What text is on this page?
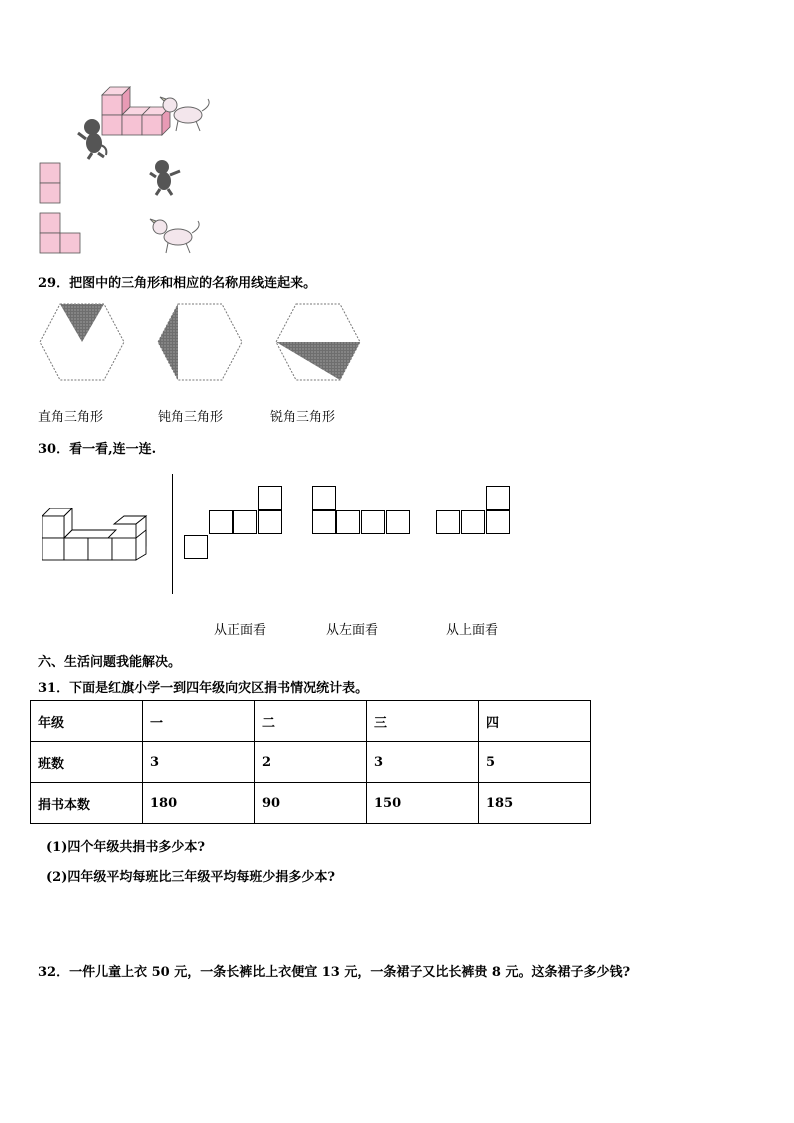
29．把图中的三角形和相应的名称用线连起来。
直角三角形	钝角三角形	锐角三角形
30．看一看,连一连.
从正面看	从左面看	从上面看
六、生活问题我能解决。
31．下面是红旗小学一到四年级向灾区捐书情况统计表。
年级	一	二	三	四
班数	3	2	3	5
捐书本数	180	90	150	185
(1)四个年级共捐书多少本?
(2)四年级平均每班比三年级平均每班少捐多少本?
32．一件儿童上衣 50 元，一条长裤比上衣便宜 13 元，一条裙子又比长裤贵 8 元。这条裙子多少钱?
